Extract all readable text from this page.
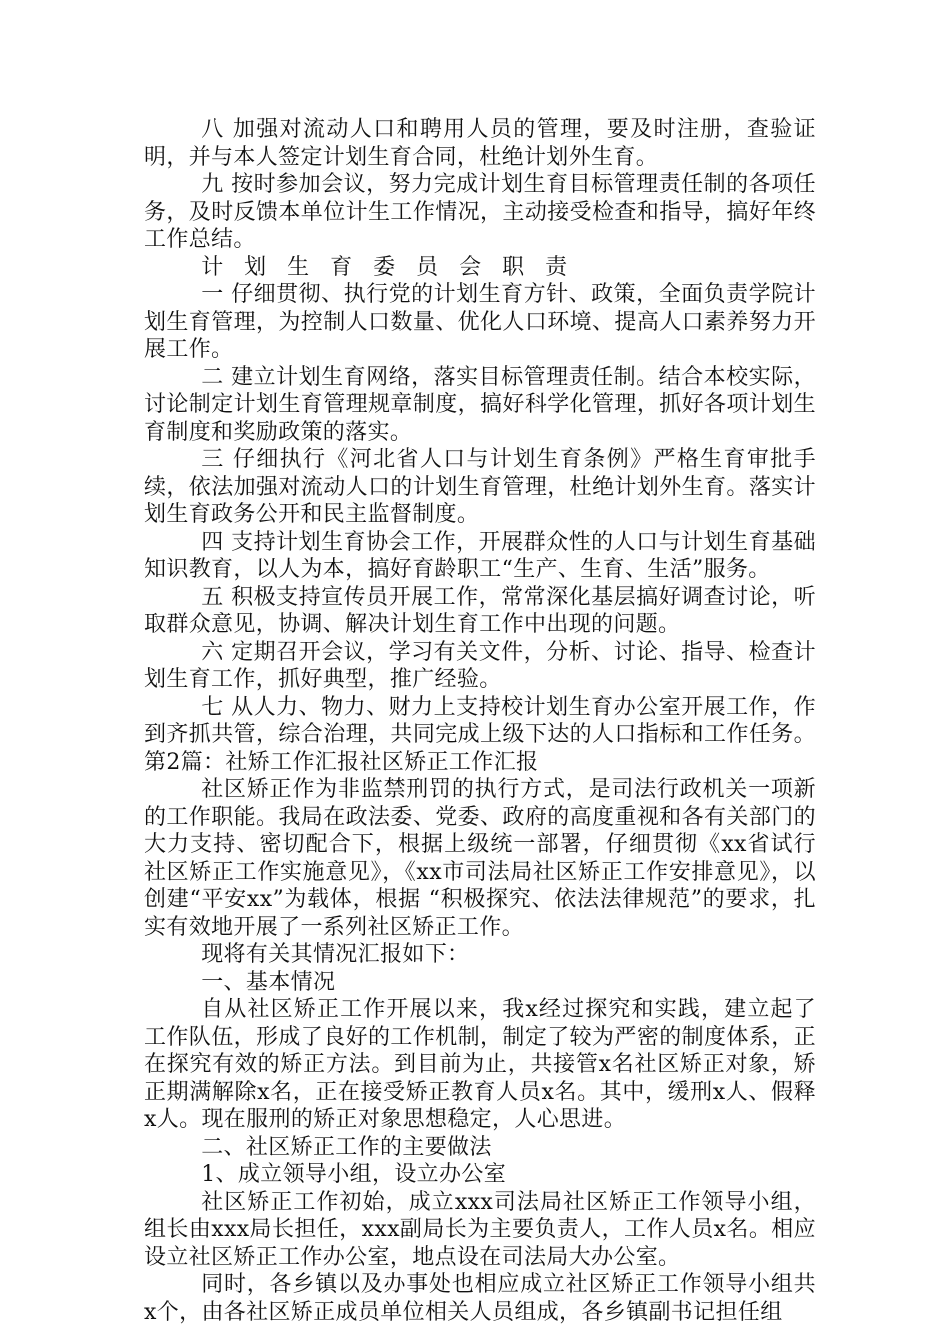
八 加强对流动人口和聘用人员的管理，要及时注册，查验证明，并与本人签定计划生育合同，杜绝计划外生育。

九 按时参加会议，努力完成计划生育目标管理责任制的各项任务，及时反馈本单位计生工作情况，主动接受检查和指导，搞好年终工作总结。

计 划 生 育 委 员 会 职 责

一 仔细贯彻、执行党的计划生育方针、政策，全面负责学院计划生育管理，为控制人口数量、优化人口环境、提高人口素养努力开展工作。

二 建立计划生育网络，落实目标管理责任制。结合本校实际，讨论制定计划生育管理规章制度，搞好科学化管理，抓好各项计划生育制度和奖励政策的落实。

三 仔细执行《河北省人口与计划生育条例》严格生育审批手续，依法加强对流动人口的计划生育管理，杜绝计划外生育。落实计划生育政务公开和民主监督制度。

四 支持计划生育协会工作，开展群众性的人口与计划生育基础知识教育，以人为本，搞好育龄职工“生产、生育、生活”服务。

五 积极支持宣传员开展工作，常常深化基层搞好调查讨论，听取群众意见，协调、解决计划生育工作中出现的问题。

六 定期召开会议，学习有关文件，分析、讨论、指导、检查计划生育工作，抓好典型，推广经验。

七 从人力、物力、财力上支持校计划生育办公室开展工作，作到齐抓共管，综合治理，共同完成上级下达的人口指标和工作任务。第2篇：社矫工作汇报社区矫正工作汇报

社区矫正作为非监禁刑罚的执行方式，是司法行政机关一项新的工作职能。我局在政法委、党委、政府的高度重视和各有关部门的大力支持、密切配合下，根据上级统一部署，仔细贯彻《xx省试行社区矫正工作实施意见》，《xx市司法局社区矫正工作安排意见》，以创建“平安xx”为载体，根据 “积极探究、依法法律规范”的要求，扎实有效地开展了一系列社区矫正工作。

现将有关其情况汇报如下：

一、基本情况

自从社区矫正工作开展以来，我x经过探究和实践，建立起了工作队伍，形成了良好的工作机制，制定了较为严密的制度体系，正在探究有效的矫正方法。到目前为止，共接管x名社区矫正对象，矫正期满解除x名，正在接受矫正教育人员x名。其中，缓刑x人、假释x人。现在服刑的矫正对象思想稳定，人心思进。

二、社区矫正工作的主要做法

1、成立领导小组，设立办公室

社区矫正工作初始，成立xxx司法局社区矫正工作领导小组，组长由xxx局长担任，xxx副局长为主要负责人，工作人员x名。相应设立社区矫正工作办公室，地点设在司法局大办公室。

同时，各乡镇以及办事处也相应成立社区矫正工作领导小组共x个，由各社区矫正成员单位相关人员组成，各乡镇副书记担任组
